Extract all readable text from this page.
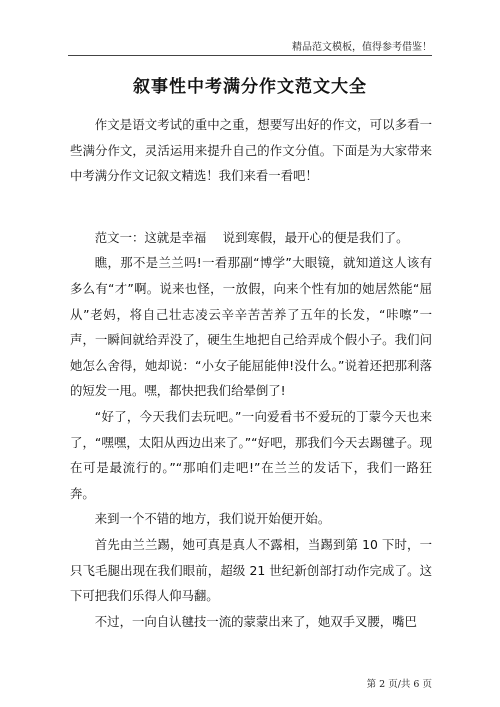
精品范文模板，值得参考借鉴！
叙事性中考满分作文范文大全

作文是语文考试的重中之重，想要写出好的作文，可以多看一些满分作文，灵活运用来提升自己的作文分值。下面是为大家带来中考满分作文记叙文精选！我们来看一看吧！

范文一：这就是幸福　 说到寒假，最开心的便是我们了。

瞧，那不是兰兰吗!一看那副“博学”大眼镜，就知道这人该有多么有“才”啊。说来也怪，一放假，向来个性有加的她居然能“屈从”老妈，将自己壮志凌云辛辛苦苦养了五年的长发，“咔嚓”一声，一瞬间就给弄没了，硬生生地把自己给弄成个假小子。我们问她怎么舍得，她却说：“小女子能屈能伸!没什么。”说着还把那利落的短发一甩。嘿，都快把我们给晕倒了!

“好了，今天我们去玩吧。”一向爱看书不爱玩的丁蒙今天也来了，“嘿嘿，太阳从西边出来了。”“好吧，那我们今天去踢毽子。现在可是最流行的。”“那咱们走吧!”在兰兰的发话下，我们一路狂奔。

来到一个不错的地方，我们说开始便开始。

首先由兰兰踢，她可真是真人不露相，当踢到第 10 下时，一只飞毛腿出现在我们眼前，超级 21 世纪新创部打动作完成了。这下可把我们乐得人仰马翻。

不过，一向自认毽技一流的蒙蒙出来了，她双手叉腰，嘴巴

第 2 页/共 6 页
